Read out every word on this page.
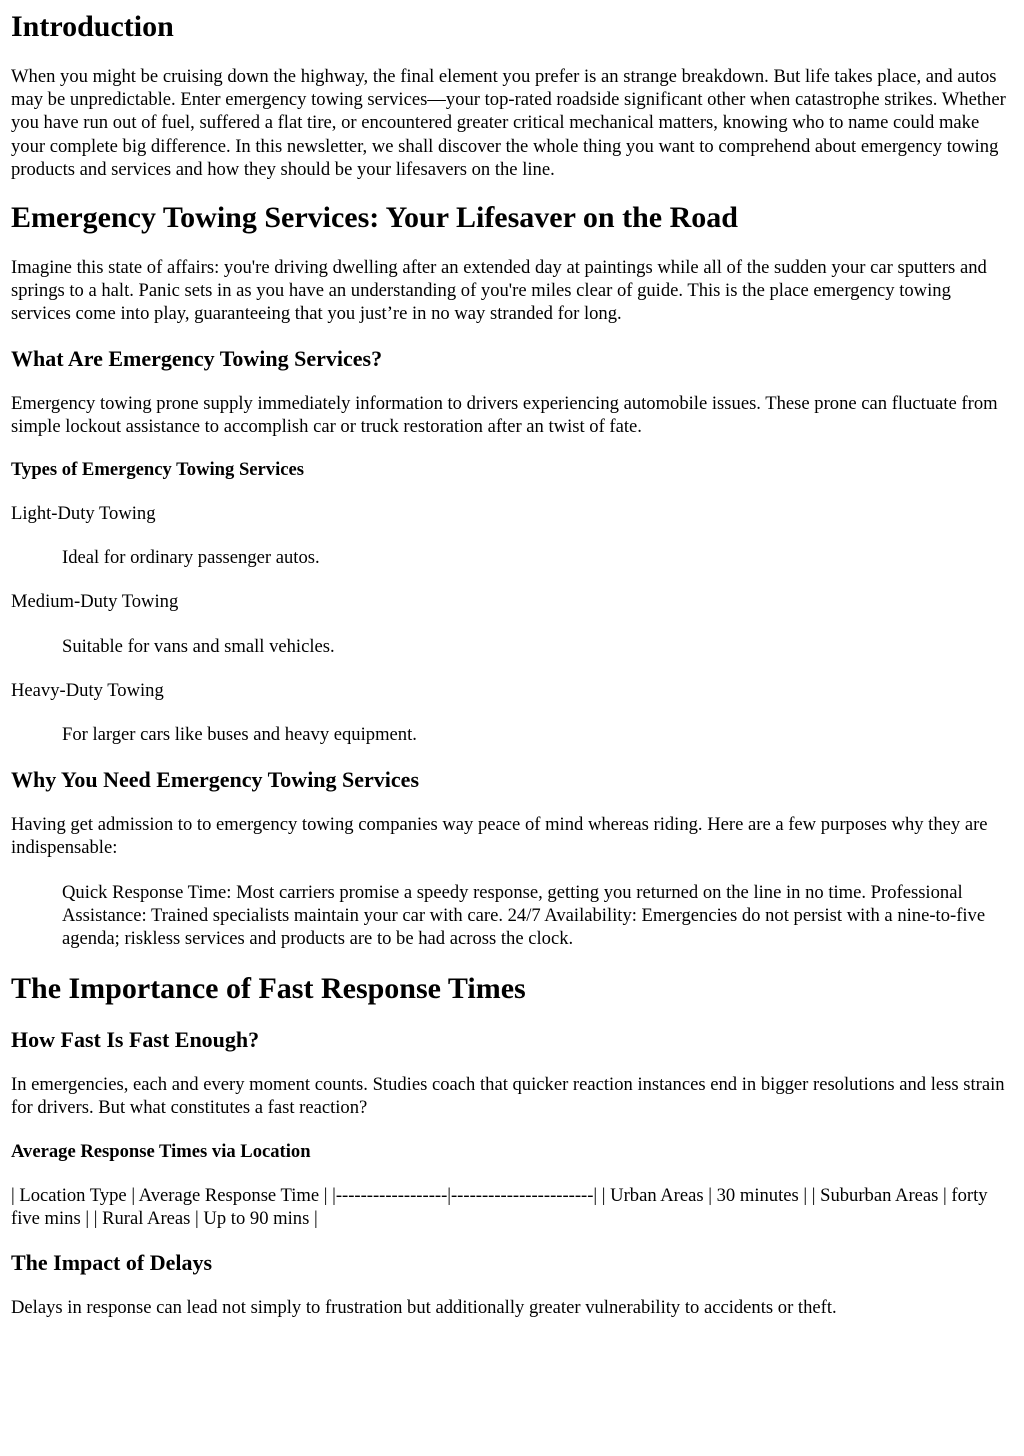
Introduction

When you might be cruising down the highway, the final element you prefer is an strange breakdown. But life takes place, and autos may be unpredictable. Enter emergency towing services—your top-rated roadside significant other when catastrophe strikes. Whether you have run out of fuel, suffered a flat tire, or encountered greater critical mechanical matters, knowing who to name could make your complete big difference. In this newsletter, we shall discover the whole thing you want to comprehend about emergency towing products and services and how they should be your lifesavers on the line.

Emergency Towing Services: Your Lifesaver on the Road

Imagine this state of affairs: you're driving dwelling after an extended day at paintings while all of the sudden your car sputters and springs to a halt. Panic sets in as you have an understanding of you're miles clear of guide. This is the place emergency towing services come into play, guaranteeing that you just’re in no way stranded for long.

What Are Emergency Towing Services?

Emergency towing prone supply immediately information to drivers experiencing automobile issues. These prone can fluctuate from simple lockout assistance to accomplish car or truck restoration after an twist of fate.

Types of Emergency Towing Services
Light-Duty Towing
Ideal for ordinary passenger autos.
Medium-Duty Towing
Suitable for vans and small vehicles.
Heavy-Duty Towing
For larger cars like buses and heavy equipment.
Why You Need Emergency Towing Services

Having get admission to to emergency towing companies way peace of mind whereas riding. Here are a few purposes why they are indispensable:

Quick Response Time: Most carriers promise a speedy response, getting you returned on the line in no time. Professional Assistance: Trained specialists maintain your car with care. 24/7 Availability: Emergencies do not persist with a nine-to-five agenda; riskless services and products are to be had across the clock.
The Importance of Fast Response Times
How Fast Is Fast Enough?

In emergencies, each and every moment counts. Studies coach that quicker reaction instances end in bigger resolutions and less strain for drivers. But what constitutes a fast reaction?

Average Response Times via Location

| Location Type | Average Response Time | |------------------|-----------------------| | Urban Areas | 30 minutes | | Suburban Areas | forty five mins | | Rural Areas | Up to 90 mins |

The Impact of Delays

Delays in response can lead not simply to frustration but additionally greater vulnerability to accidents or theft.
